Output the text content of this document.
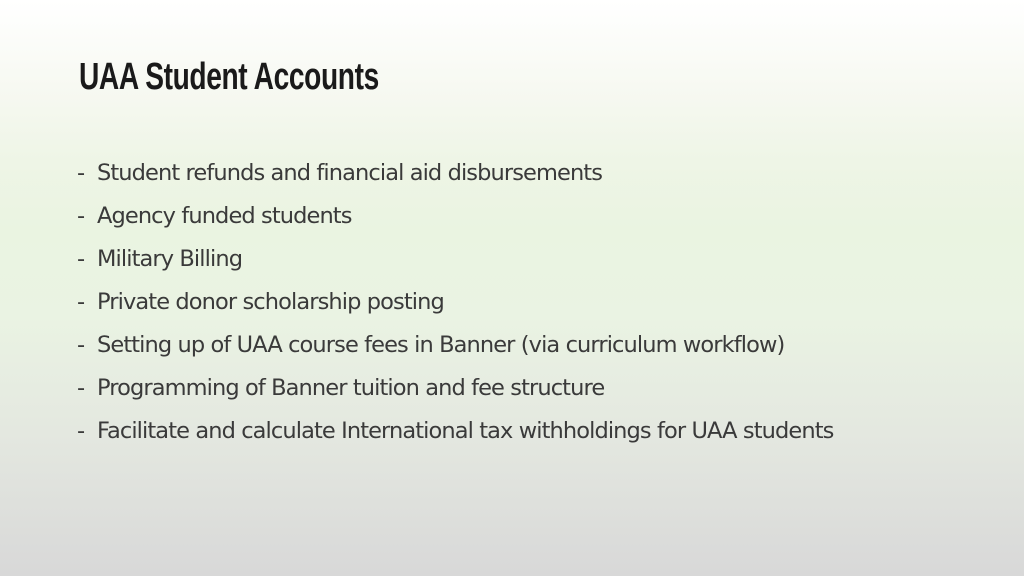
UAA Student Accounts
- Student refunds and financial aid disbursements
- Agency funded students
- Military Billing
- Private donor scholarship posting
- Setting up of UAA course fees in Banner (via curriculum workflow)
- Programming of Banner tuition and fee structure
- Facilitate and calculate International tax withholdings for UAA students
